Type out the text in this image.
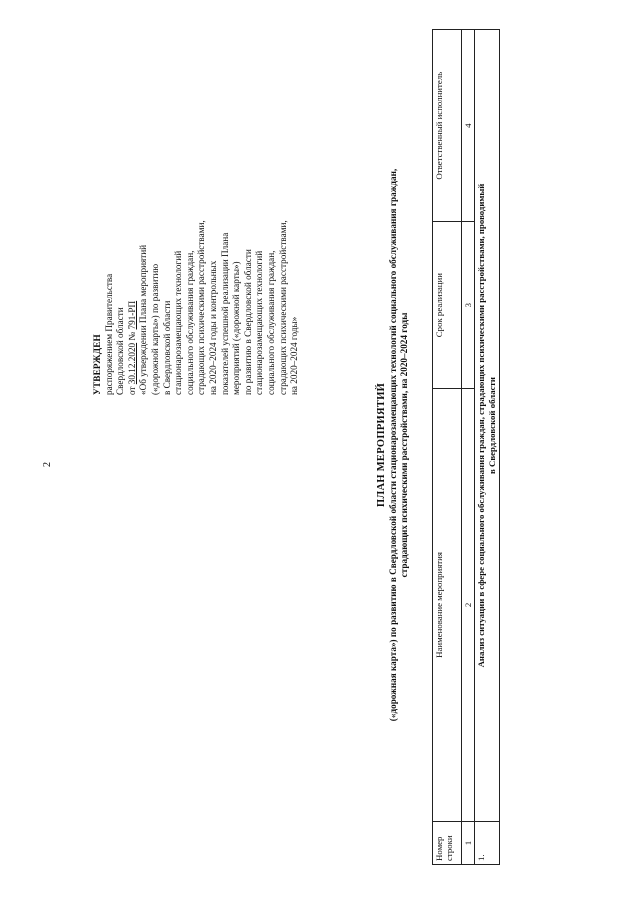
2
УТВЕРЖДЕН распоряжением Правительства Свердловской области от 30.12.2020 № 791-РП «Об утверждении Плана мероприятий («дорожной карты») по развитию в Свердловской области стационарозамещающих технологий социального обслуживания граждан, страдающих психическими расстройствами, на 2020–2024 годы и контрольных показателей успешной реализации Плана мероприятий («дорожной карты») по развитию в Свердловской области стационарозамещающих технологий социального обслуживания граждан, страдающих психическими расстройствами, на 2020–2024 годы»
ПЛАН МЕРОПРИЯТИЙ («дорожная карта») по развитию в Свердловской области стационарозамещающих технологий социального обслуживания граждан, страдающих психическими расстройствами, на 2020–2024 годы
Номер строки	Наименование мероприятия	Срок реализации	Ответственный исполнитель
1	2	3	4
1.	Анализ ситуации в сфере социального обслуживания граждан, страдающих психическими расстройствами, проводимый в Свердловской области		
